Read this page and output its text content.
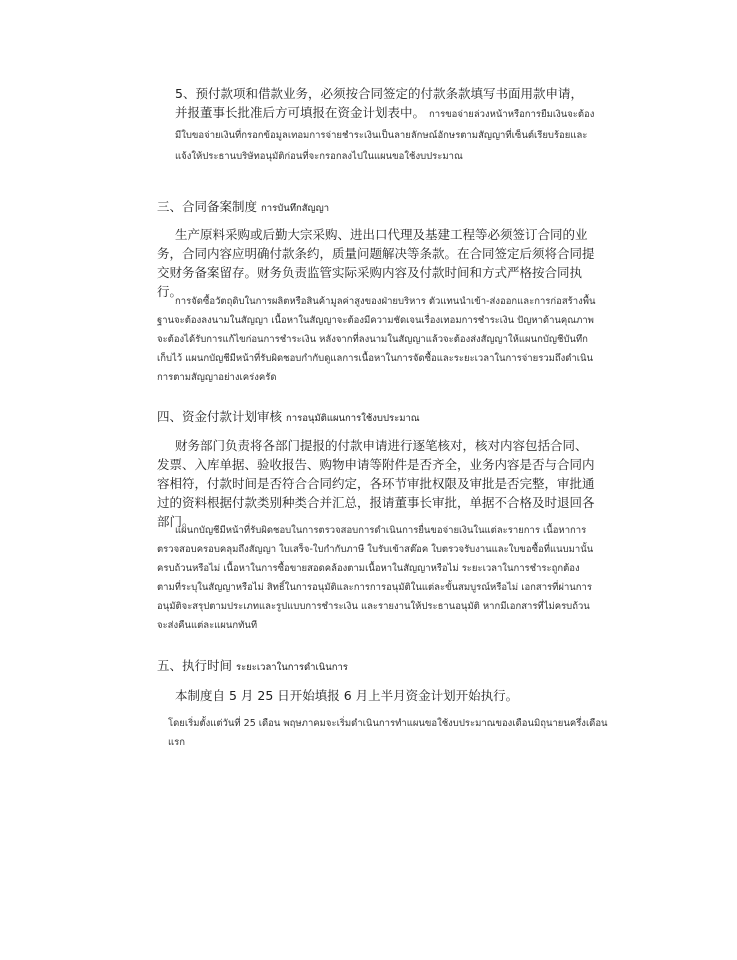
5、预付款项和借款业务，必须按合同签定的付款条款填写书面用款申请，并报董事长批准后方可填报在资金计划表中。 การขอจ่ายล่วงหน้าหรือการยืมเงินจะต้องมีใบขอจ่ายเงินที่กรอกข้อมูลเทอมการจ่ายชำระเงินเป็นลายลักษณ์อักษรตามสัญญาที่เซ็นต์เรียบร้อยและแจ้งให้ประธานบริษัทอนุมัติก่อนที่จะกรอกลงไปในแผนขอใช้งบประมาณ
三、合同备案制度 การบันทึกสัญญา
生产原料采购或后勤大宗采购、进出口代理及基建工程等必须签订合同的业务，合同内容应明确付款条约，质量问题解决等条款。在合同签定后须将合同提交财务备案留存。财务负责监管实际采购内容及付款时间和方式严格按合同执行。
การจัดซื้อวัตถุดิบในการผลิตหรือสินค้ามูลค่าสูงของฝ่ายบริหาร ตัวแทนนำเข้า-ส่งออกและการก่อสร้างพื้นฐานจะต้องลงนามในสัญญา เนื้อหาในสัญญาจะต้องมีความชัดเจนเรื่องเทอมการชำระเงิน ปัญหาด้านคุณภาพจะต้องได้รับการแก้ไขก่อนการชำระเงิน หลังจากที่ลงนามในสัญญาแล้วจะต้องส่งสัญญาให้แผนกบัญชีบันทึกเก็บไว้ แผนกบัญชีมีหน้าที่รับผิดชอบกำกับดูแลการเนื้อหาในการจัดซื้อและระยะเวลาในการจ่ายรวมถึงดำเนินการตามสัญญาอย่างเคร่งครัด
四、资金付款计划审核 การอนุมัติแผนการใช้งบประมาณ
财务部门负责将各部门提报的付款申请进行逐笔核对，核对内容包括合同、发票、入库单据、验收报告、购物申请等附件是否齐全，业务内容是否与合同内容相符，付款时间是否符合合同约定，各环节审批权限及审批是否完整，审批通过的资料根据付款类别种类合并汇总，报请董事长审批，单据不合格及时退回各部门。
แผนกบัญชีมีหน้าที่รับผิดชอบในการตรวจสอบการดำเนินการยื่นขอจ่ายเงินในแต่ละรายการ เนื้อหาการตรวจสอบครอบคลุมถึงสัญญา ใบเสร็จ-ใบกำกับภาษี ใบรับเข้าสต๊อค ใบตรวจรับงานและใบขอซื้อที่แนบมานั้นครบถ้วนหรือไม่ เนื้อหาในการซื้อขายสอดคล้องตามเนื้อหาในสัญญาหรือไม่ ระยะเวลาในการชำระถูกต้องตามที่ระบุในสัญญาหรือไม่ สิทธิ์ในการอนุมัติและการการอนุมัติในแต่ละขั้นสมบูรณ์หรือไม่ เอกสารที่ผ่านการอนุมัติจะสรุปตามประเภทและรูปแบบการชำระเงิน และรายงานให้ประธานอนุมัติ หากมีเอกสารที่ไม่ครบถ้วนจะส่งคืนแต่ละแผนกทันที
五、执行时间 ระยะเวลาในการดำเนินการ
本制度自 5 月 25 日开始填报 6 月上半月资金计划开始执行。
โดยเริ่มตั้งแต่วันที่ 25 เดือน พฤษภาคมจะเริ่มดำเนินการทำแผนขอใช้งบประมาณของเดือนมิถุนายนครึ่งเดือนแรก
